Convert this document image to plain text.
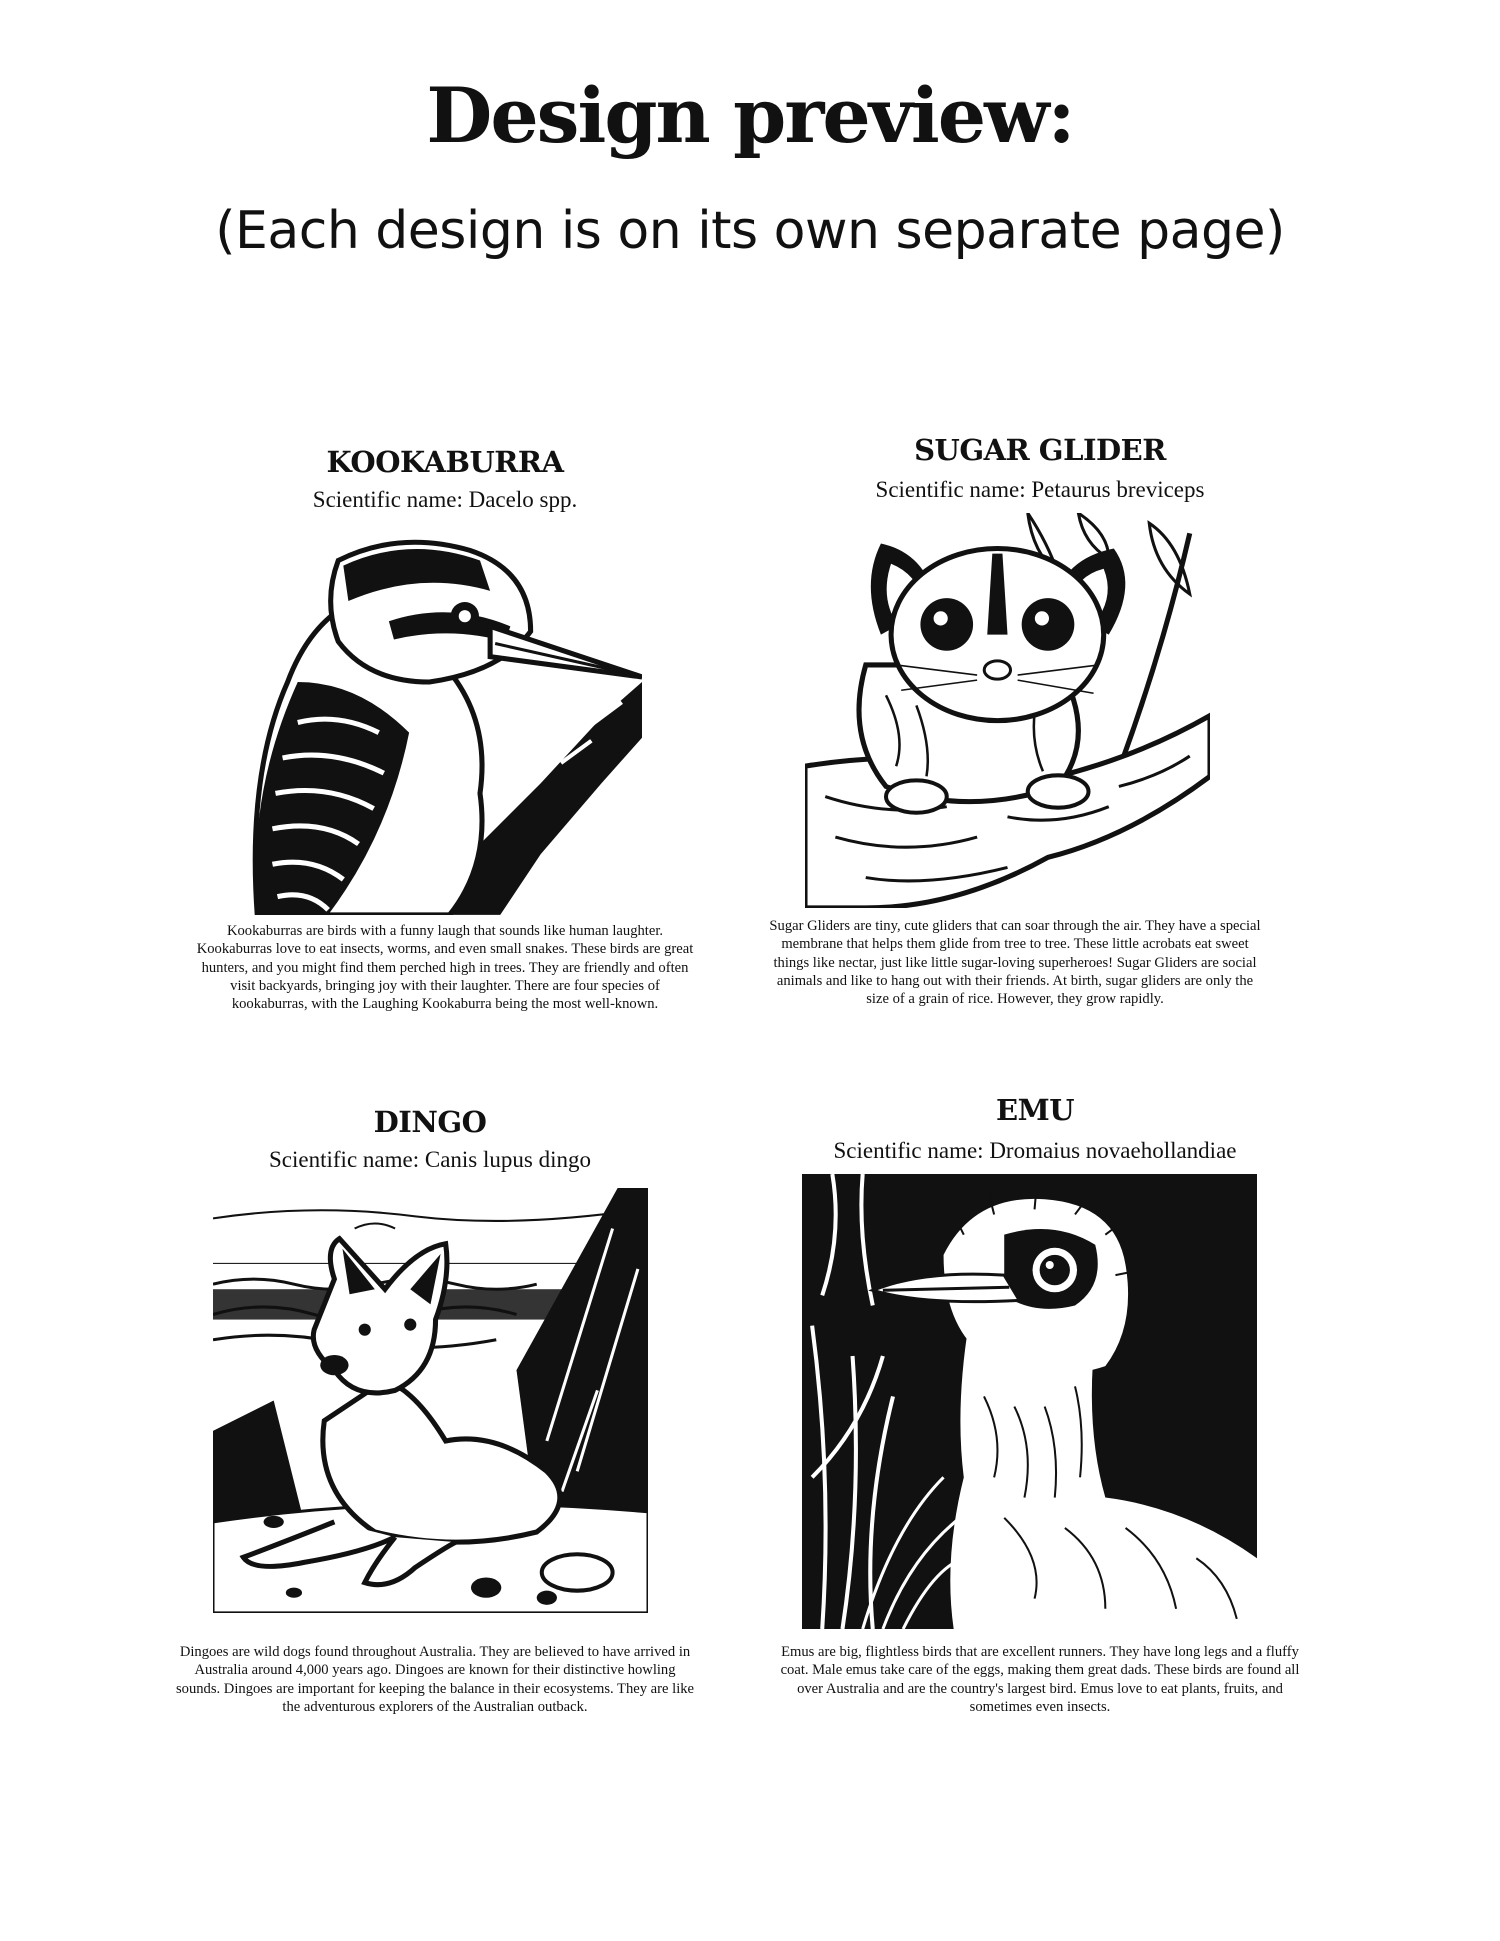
Design preview:
(Each design is on its own separate page)
KOOKABURRA
Scientific name: Dacelo spp.
Kookaburras are birds with a funny laugh that sounds like human laughter. Kookaburras love to eat insects, worms, and even small snakes. These birds are great hunters, and you might find them perched high in trees. They are friendly and often visit backyards, bringing joy with their laughter. There are four species of kookaburras, with the Laughing Kookaburra being the most well-known.
SUGAR GLIDER
Scientific name: Petaurus breviceps
Sugar Gliders are tiny, cute gliders that can soar through the air. They have a special membrane that helps them glide from tree to tree. These little acrobats eat sweet things like nectar, just like little sugar-loving superheroes! Sugar Gliders are social animals and like to hang out with their friends. At birth, sugar gliders are only the size of a grain of rice. However, they grow rapidly.
DINGO
Scientific name: Canis lupus dingo
Dingoes are wild dogs found throughout Australia. They are believed to have arrived in Australia around 4,000 years ago. Dingoes are known for their distinctive howling sounds. Dingoes are important for keeping the balance in their ecosystems. They are like the adventurous explorers of the Australian outback.
EMU
Scientific name: Dromaius novaehollandiae
Emus are big, flightless birds that are excellent runners. They have long legs and a fluffy coat. Male emus take care of the eggs, making them great dads. These birds are found all over Australia and are the country's largest bird. Emus love to eat plants, fruits, and sometimes even insects.
